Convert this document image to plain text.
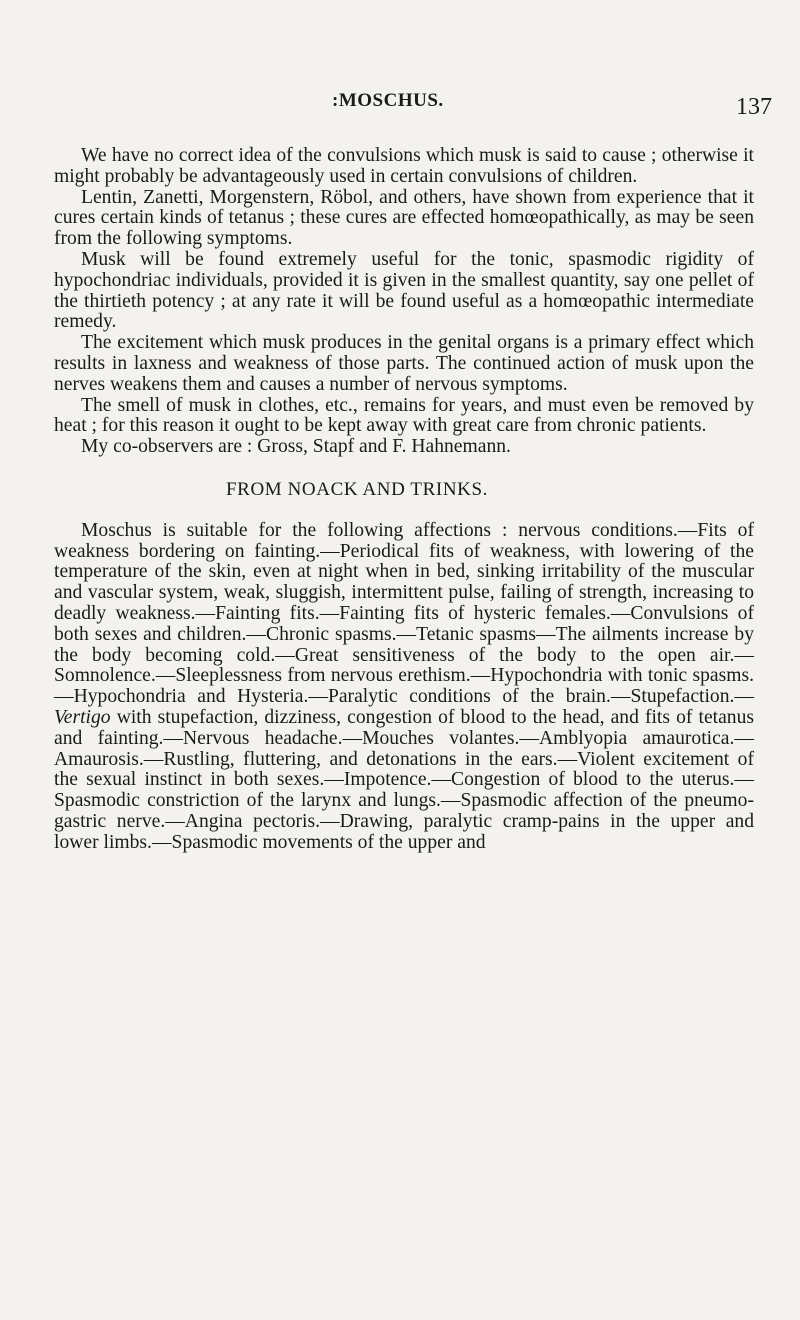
:MOSCHUS.	137

We have no correct idea of the convulsions which musk is said to cause ; otherwise it might probably be advantageously used in certain convulsions of children.

Lentin, Zanetti, Morgenstern, Röbol, and others, have shown from experience that it cures certain kinds of tetanus ; these cures are effected homœopathically, as may be seen from the following symptoms.

Musk will be found extremely useful for the tonic, spasmodic rigidity of hypochondriac individuals, provided it is given in the smallest quantity, say one pellet of the thirtieth potency ; at any rate it will be found useful as a homœopathic intermediate remedy.

The excitement which musk produces in the genital organs is a primary effect which results in laxness and weakness of those parts. The continued action of musk upon the nerves weakens them and causes a number of nervous symptoms.

The smell of musk in clothes, etc., remains for years, and must even be removed by heat ; for this reason it ought to be kept away with great care from chronic patients.

My co-observers are : Gross, Stapf and F. Hahnemann.

FROM NOACK AND TRINKS.

Moschus is suitable for the following affections : nervous conditions.—Fits of weakness bordering on fainting.—Periodical fits of weakness, with lowering of the temperature of the skin, even at night when in bed, sinking irritability of the muscular and vascular system, weak, sluggish, intermittent pulse, failing of strength, increasing to deadly weakness.—Fainting fits.—Fainting fits of hysteric females.—Convulsions of both sexes and children.—Chronic spasms.—Tetanic spasms—The ailments increase by the body becoming cold.—Great sensitiveness of the body to the open air.—Somnolence.—Sleeplessness from nervous erethism.—Hypochondria with tonic spasms.—Hypochondria and Hysteria.—Paralytic conditions of the brain.—Stupefaction.— Vertigo with stupefaction, dizziness, congestion of blood to the head, and fits of tetanus and fainting.—Nervous headache.—Mouches volantes.—Amblyopia amaurotica.—Amaurosis.—Rustling, fluttering, and detonations in the ears.—Violent excitement of the sexual instinct in both sexes.—Impotence.—Congestion of blood to the uterus.—Spasmodic constriction of the larynx and lungs.—Spasmodic affection of the pneumo-gastric nerve.—Angina pectoris.—Drawing, paralytic cramp-pains in the upper and lower limbs.—Spasmodic movements of the upper and
